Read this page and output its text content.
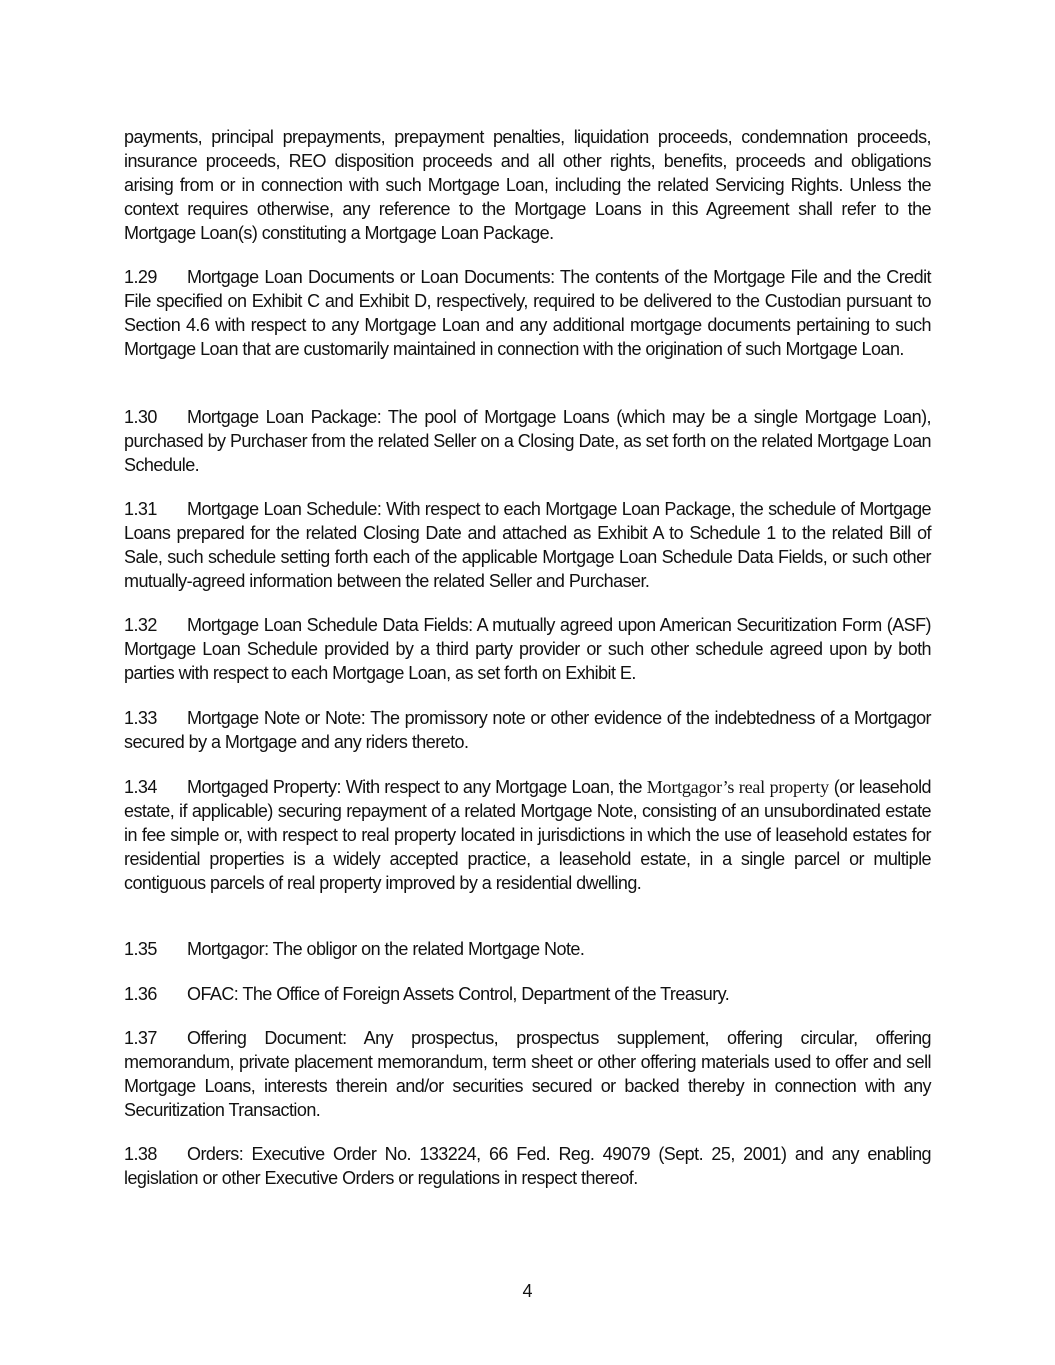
payments, principal prepayments, prepayment penalties, liquidation proceeds, condemnation proceeds, insurance proceeds, REO disposition proceeds and all other rights, benefits, proceeds and obligations arising from or in connection with such Mortgage Loan, including the related Servicing Rights. Unless the context requires otherwise, any reference to the Mortgage Loans in this Agreement shall refer to the Mortgage Loan(s) constituting a Mortgage Loan Package.

1.29 Mortgage Loan Documents or Loan Documents: The contents of the Mortgage File and the Credit File specified on Exhibit C and Exhibit D, respectively, required to be delivered to the Custodian pursuant to Section 4.6 with respect to any Mortgage Loan and any additional mortgage documents pertaining to such Mortgage Loan that are customarily maintained in connection with the origination of such Mortgage Loan.

1.30 Mortgage Loan Package: The pool of Mortgage Loans (which may be a single Mortgage Loan), purchased by Purchaser from the related Seller on a Closing Date, as set forth on the related Mortgage Loan Schedule.

1.31 Mortgage Loan Schedule: With respect to each Mortgage Loan Package, the schedule of Mortgage Loans prepared for the related Closing Date and attached as Exhibit A to Schedule 1 to the related Bill of Sale, such schedule setting forth each of the applicable Mortgage Loan Schedule Data Fields, or such other mutually-agreed information between the related Seller and Purchaser.

1.32 Mortgage Loan Schedule Data Fields: A mutually agreed upon American Securitization Form (ASF) Mortgage Loan Schedule provided by a third party provider or such other schedule agreed upon by both parties with respect to each Mortgage Loan, as set forth on Exhibit E.

1.33 Mortgage Note or Note: The promissory note or other evidence of the indebtedness of a Mortgagor secured by a Mortgage and any riders thereto.

1.34 Mortgaged Property: With respect to any Mortgage Loan, the Mortgagor’s real property (or leasehold estate, if applicable) securing repayment of a related Mortgage Note, consisting of an unsubordinated estate in fee simple or, with respect to real property located in jurisdictions in which the use of leasehold estates for residential properties is a widely accepted practice, a leasehold estate, in a single parcel or multiple contiguous parcels of real property improved by a residential dwelling.

1.35 Mortgagor: The obligor on the related Mortgage Note.

1.36 OFAC: The Office of Foreign Assets Control, Department of the Treasury.

1.37 Offering Document: Any prospectus, prospectus supplement, offering circular, offering memorandum, private placement memorandum, term sheet or other offering materials used to offer and sell Mortgage Loans, interests therein and/or securities secured or backed thereby in connection with any Securitization Transaction.

1.38 Orders: Executive Order No. 133224, 66 Fed. Reg. 49079 (Sept. 25, 2001) and any enabling legislation or other Executive Orders or regulations in respect thereof.

4
